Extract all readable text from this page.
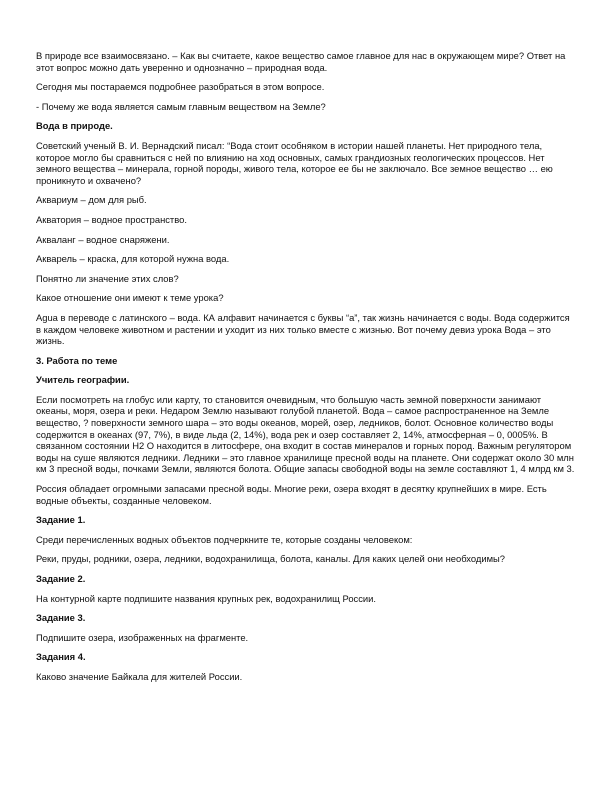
В природе все взаимосвязано. – Как вы считаете, какое вещество самое главное для нас в окружающем мире? Ответ на этот вопрос можно дать уверенно и однозначно – природная вода.

Сегодня мы постараемся подробнее разобраться в этом вопросе.

- Почему же вода является самым главным веществом на Земле?

Вода в природе.

Советский ученый В. И. Вернадский писал: “Вода стоит особняком в истории нашей планеты. Нет природного тела, которое могло бы сравниться с ней по влиянию на ход основных, самых грандиозных геологических процессов. Нет земного вещества – минерала, горной породы, живого тела, которое ее бы не заключало. Все земное вещество … ею проникнуто и охвачено?

Аквариум – дом для рыб.

Акватория – водное пространство.

Акваланг – водное снаряжени.

Акварель – краска, для которой нужна вода.

Понятно ли значение этих слов?

Какое отношение они имеют к теме урока?

Agua в переводе с латинского – вода. КА алфавит начинается с буквы “а”, так жизнь начинается с воды. Вода содержится в каждом человеке животном и растении и уходит из них только вместе с жизнью. Вот почему девиз урока Вода – это жизнь.

3. Работа по теме

Учитель географии.

Если посмотреть на глобус или карту, то становится очевидным, что большую часть земной поверхности занимают океаны, моря, озера и реки. Недаром Землю называют голубой планетой. Вода – самое распространенное на Земле вещество, ? поверхности земного шара – это воды океанов, морей, озер, ледников, болот. Основное количество воды содержится в океанах (97, 7%), в виде льда (2, 14%), вода рек и озер составляет 2, 14%, атмосферная – 0, 0005%. В связанном состоянии Н2 О находится в литосфере, она входит в состав минералов и горных пород. Важным регулятором воды на суше являются ледники. Ледники – это главное хранилище пресной воды на планете. Они содержат около 30 млн км 3 пресной воды, почками Земли, являются болота. Общие запасы свободной воды на земле составляют 1, 4 млрд км 3.

Россия обладает огромными запасами пресной воды. Многие реки, озера входят в десятку крупнейших в мире. Есть водные объекты, созданные человеком.

Задание 1.

Среди перечисленных водных объектов подчеркните те, которые созданы человеком:

Реки, пруды, родники, озера, ледники, водохранилища, болота, каналы. Для каких целей они необходимы?

Задание 2.

На контурной карте подпишите названия крупных рек, водохранилищ России.

Задание 3.

Подпишите озера, изображенных на фрагменте.

Задания 4.

Каково значение Байкала для жителей России.
